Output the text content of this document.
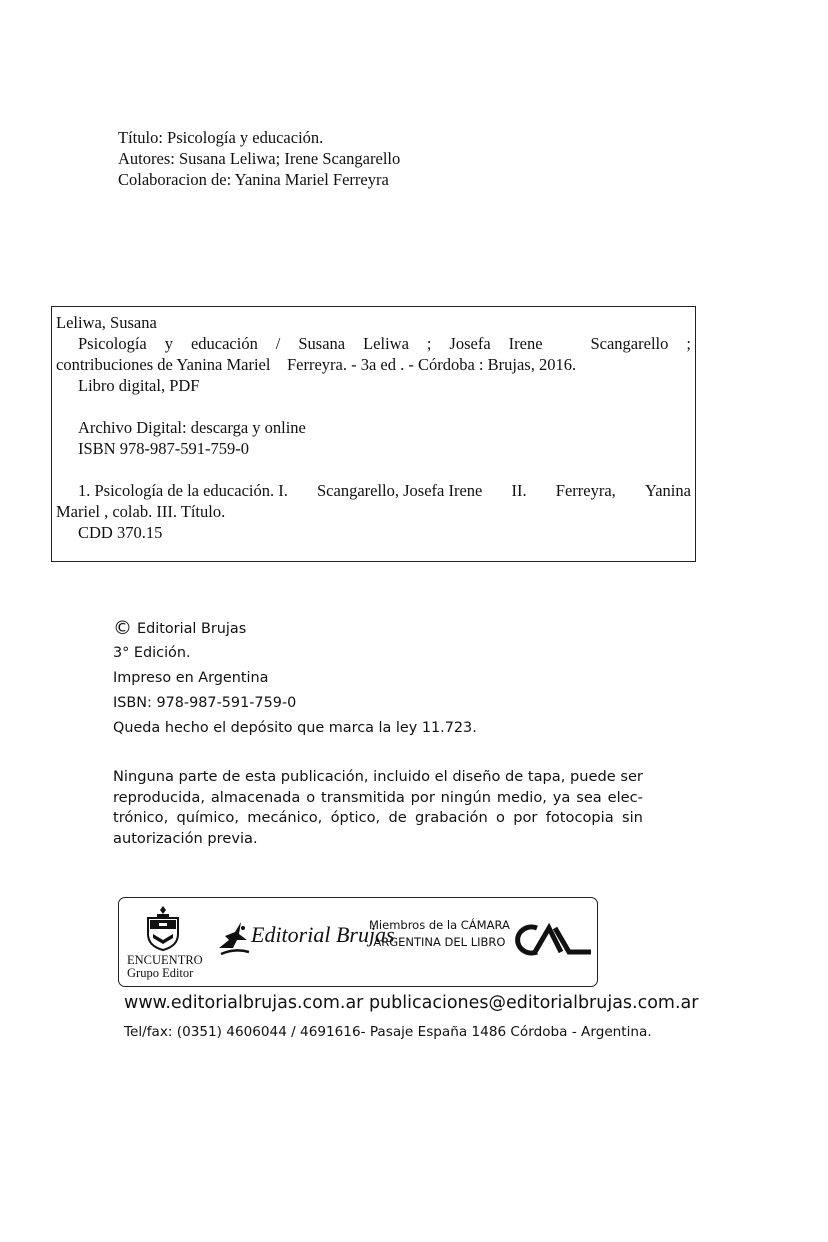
Título: Psicología y educación.
Autores: Susana Leliwa; Irene Scangarello
Colaboracion de: Yanina Mariel Ferreyra
Leliwa, Susana
Psicología y educación / Susana Leliwa ; Josefa Irene	Scangarello ;
contribuciones de Yanina Mariel    Ferreyra. - 3a ed . - Córdoba : Brujas, 2016.
Libro digital, PDF
Archivo Digital: descarga y online
ISBN 978-987-591-759-0
1. Psicología de la educación. I. Scangarello, Josefa Irene II. Ferreyra, Yanina
Mariel , colab. III. Título.
CDD 370.15
© Editorial Brujas
3° Edición.
Impreso en Argentina
ISBN: 978-987-591-759-0
Queda hecho el depósito que marca la ley 11.723.
Ninguna parte de esta publicación, incluido el diseño de tapa, puede ser
reproducida, almacenada o transmitida por ningún medio, ya sea elec-
trónico, químico, mecánico, óptico, de grabación o por fotocopia sin
autorización previa.
ENCUENTRO
Grupo Editor
Editorial Brujas
Miembros de la CÁMARA
ARGENTINA DEL LIBRO
www.editorialbrujas.com.ar publicaciones@editorialbrujas.com.ar
Tel/fax: (0351) 4606044 / 4691616- Pasaje España 1486 Córdoba - Argentina.
